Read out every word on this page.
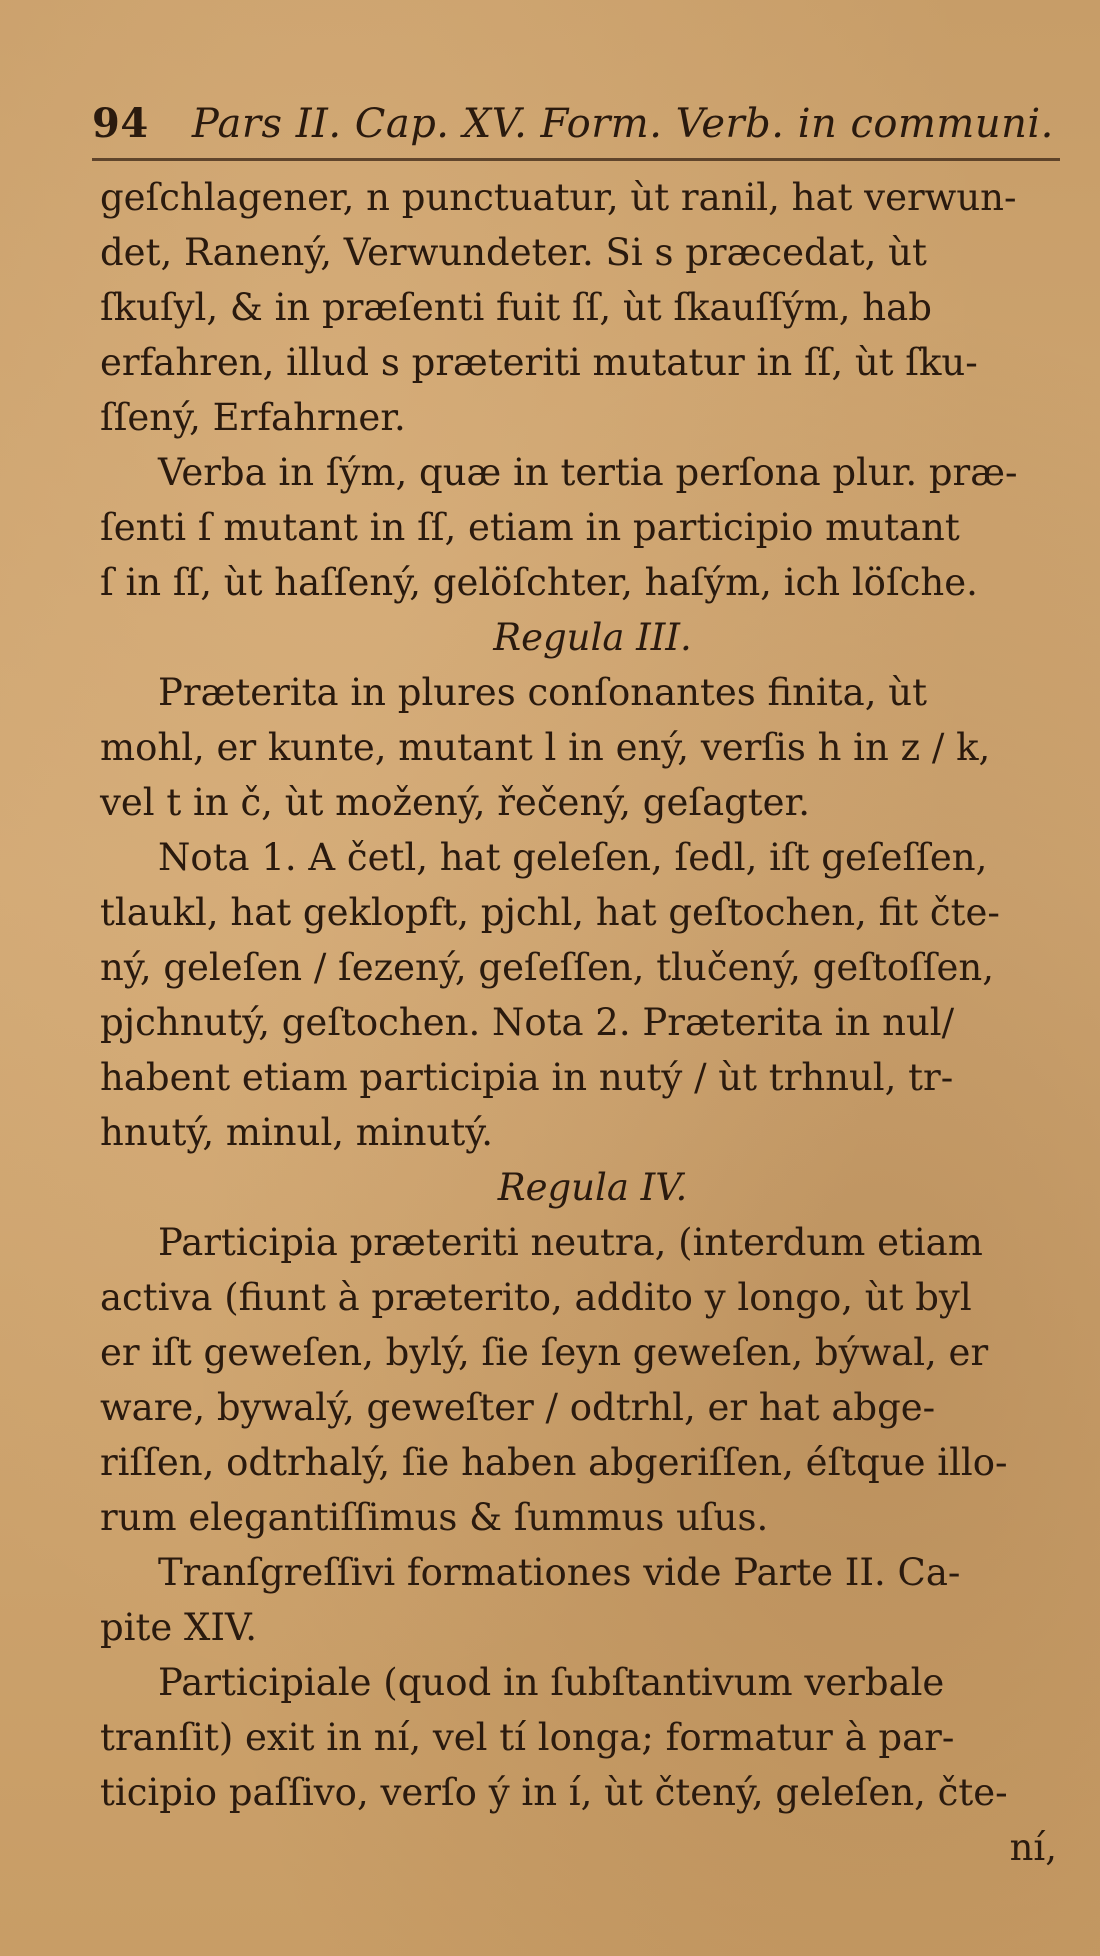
94 Pars II. Cap. XV. Form. Verb. in communi.
geſchlagener, n punctuatur, ùt ranil, hat verwun-
det, Ranený, Verwundeter. Si s præcedat, ùt
ſkuſyl, & in præſenti fuit ſſ, ùt ſkauſſým, hab
erfahren, illud s præteriti mutatur in ſſ, ùt ſku-
ſſený, Erfahrner.
Verba in ſým, quæ in tertia perſona plur. præ-
ſenti ſ mutant in ſſ, etiam in participio mutant
ſ in ſſ, ùt haſſený, gelöſchter, haſým, ich löſche.
Regula III.
Præterita in plures conſonantes finita, ùt
mohl, er kunte, mutant l in ený, verſis h in z / k,
vel t in č, ùt možený, řečený, geſagter.
Nota 1. A četl, hat geleſen, ſedl, iſt geſeſſen,
tlaukl, hat geklopft, pjchl, hat geſtochen, fit čte-
ný, geleſen / ſezený, geſeſſen, tlučený, geſtoſſen,
pjchnutý, geſtochen. Nota 2. Præterita in nul/
habent etiam participia in nutý / ùt trhnul, tr-
hnutý, minul, minutý.
Regula IV.
Participia præteriti neutra, (interdum etiam
activa (fiunt à præterito, addito y longo, ùt byl
er iſt geweſen, bylý, ſie ſeyn geweſen, býwal, er
ware, bywalý, geweſter / odtrhl, er hat abge-
riſſen, odtrhalý, ſie haben abgeriſſen, éſtque illo-
rum elegantiſſimus & ſummus uſus.
Tranſgreſſivi formationes vide Parte II. Ca-
pite XIV.
Participiale (quod in ſubſtantivum verbale
tranſit) exit in ní, vel tí longa; formatur à par-
ticipio paſſivo, verſo ý in í, ùt čtený, geleſen, čte-
ní,
